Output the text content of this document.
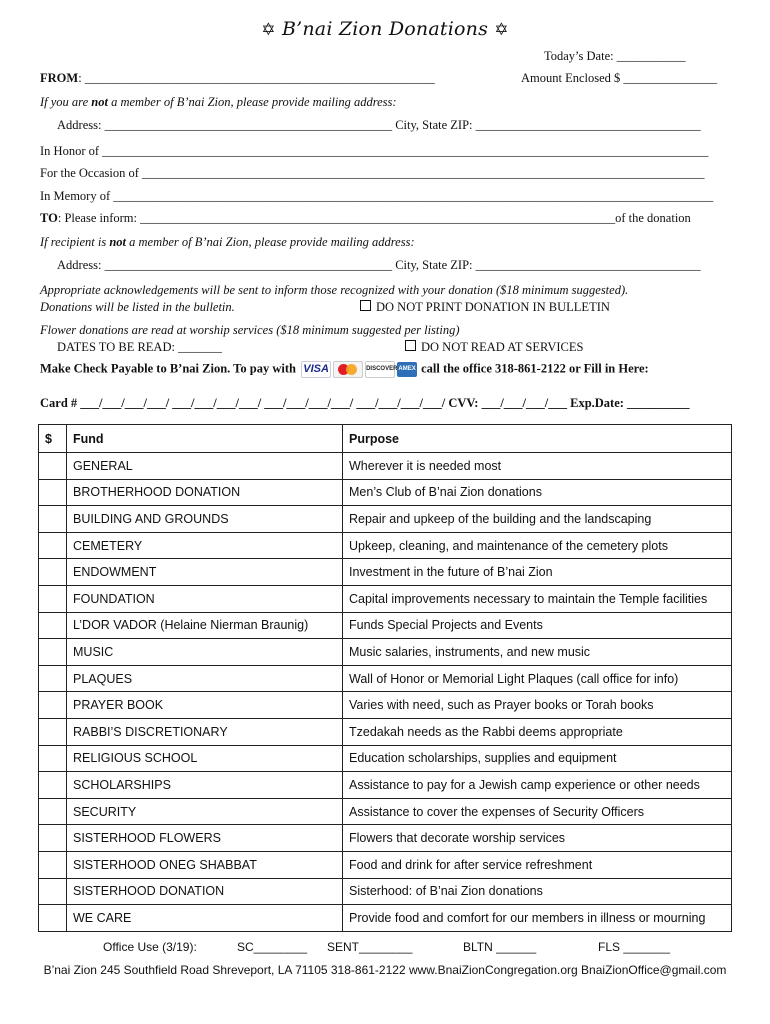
✡ B’nai Zion Donations ✡
Today’s Date: ___________
FROM: ________________________________________________________	Amount Enclosed $ _______________
If you are not a member of B’nai Zion, please provide mailing address:
Address: ______________________________________________ City, State ZIP: ____________________________________
In Honor of _________________________________________________________________________________________________
For the Occasion of __________________________________________________________________________________________
In Memory of ________________________________________________________________________________________________
TO: Please inform: ____________________________________________________________________________of the donation
If recipient is not a member of B’nai Zion, please provide mailing address:
Address: ______________________________________________ City, State ZIP: ____________________________________
Appropriate acknowledgements will be sent to inform those recognized with your donation ($18 minimum suggested).
Donations will be listed in the bulletin.	DO NOT PRINT DONATION IN BULLETIN
Flower donations are read at worship services ($18 minimum suggested per listing)
DATES TO BE READ: _______	DO NOT READ AT SERVICES
Make Check Payable to B’nai Zion. To pay with VISA	DISCOVERAMEX call the office 318-861-2122 or Fill in Here:
Card # ___/___/___/___/ ___/___/___/___/ ___/___/___/___/ ___/___/___/___/ CVV: ___/___/___/___ Exp.Date: __________
$	Fund	Purpose
	GENERAL	Wherever it is needed most
	BROTHERHOOD DONATION	Men’s Club of B’nai Zion donations
	BUILDING AND GROUNDS	Repair and upkeep of the building and the landscaping
	CEMETERY	Upkeep, cleaning, and maintenance of the cemetery plots
	ENDOWMENT	Investment in the future of B’nai Zion
	FOUNDATION	Capital improvements necessary to maintain the Temple facilities
	L’DOR VADOR (Helaine Nierman Braunig)	Funds Special Projects and Events
	MUSIC	Music salaries, instruments, and new music
	PLAQUES	Wall of Honor or Memorial Light Plaques (call office for info)
	PRAYER BOOK	Varies with need, such as Prayer books or Torah books
	RABBI’S DISCRETIONARY	Tzedakah needs as the Rabbi deems appropriate
	RELIGIOUS SCHOOL	Education scholarships, supplies and equipment
	SCHOLARSHIPS	Assistance to pay for a Jewish camp experience or other needs
	SECURITY	Assistance to cover the expenses of Security Officers
	SISTERHOOD FLOWERS	Flowers that decorate worship services
	SISTERHOOD ONEG SHABBAT	Food and drink for after service refreshment
	SISTERHOOD DONATION	Sisterhood: of B’nai Zion donations
	WE CARE	Provide food and comfort for our members in illness or mourning
Office Use (3/19):	SC________ SENT________	BLTN ______	FLS _______
B’nai Zion 245 Southfield Road Shreveport, LA 71105 318-861-2122 www.BnaiZionCongregation.org BnaiZionOffice@gmail.com
